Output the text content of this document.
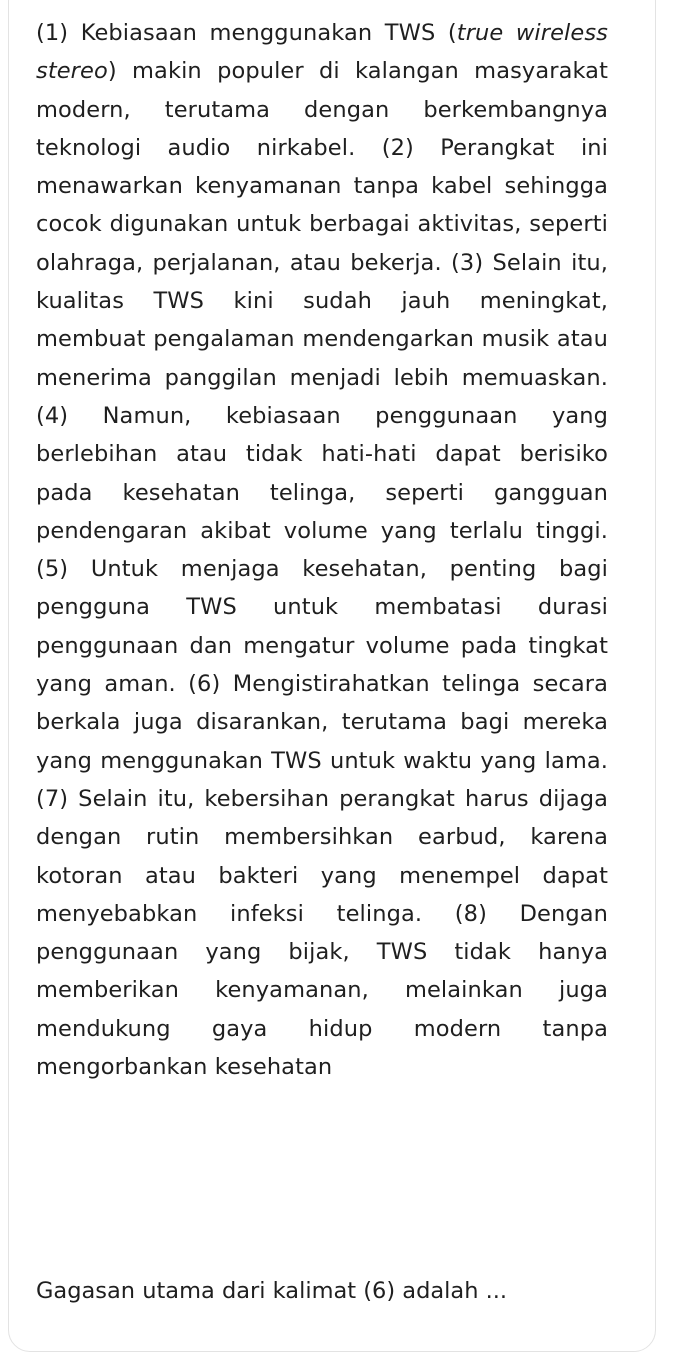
(1) Kebiasaan menggunakan TWS (true wireless stereo) makin populer di kalangan masyarakat modern, terutama dengan berkembangnya teknologi audio nirkabel. (2) Perangkat ini menawarkan kenyamanan tanpa kabel sehingga cocok digunakan untuk berbagai aktivitas, seperti olahraga, perjalanan, atau bekerja. (3) Selain itu, kualitas TWS kini sudah jauh meningkat, membuat pengalaman mendengarkan musik atau menerima panggilan menjadi lebih memuaskan. (4) Namun, kebiasaan penggunaan yang berlebihan atau tidak hati-hati dapat berisiko pada kesehatan telinga, seperti gangguan pendengaran akibat volume yang terlalu tinggi. (5) Untuk menjaga kesehatan, penting bagi pengguna TWS untuk membatasi durasi penggunaan dan mengatur volume pada tingkat yang aman. (6) Mengistirahatkan telinga secara berkala juga disarankan, terutama bagi mereka yang menggunakan TWS untuk waktu yang lama. (7) Selain itu, kebersihan perangkat harus dijaga dengan rutin membersihkan earbud, karena kotoran atau bakteri yang menempel dapat menyebabkan infeksi telinga. (8) Dengan penggunaan yang bijak, TWS tidak hanya memberikan kenyamanan, melainkan juga mendukung gaya hidup modern tanpa mengorbankan kesehatan

Gagasan utama dari kalimat (6) adalah ...
